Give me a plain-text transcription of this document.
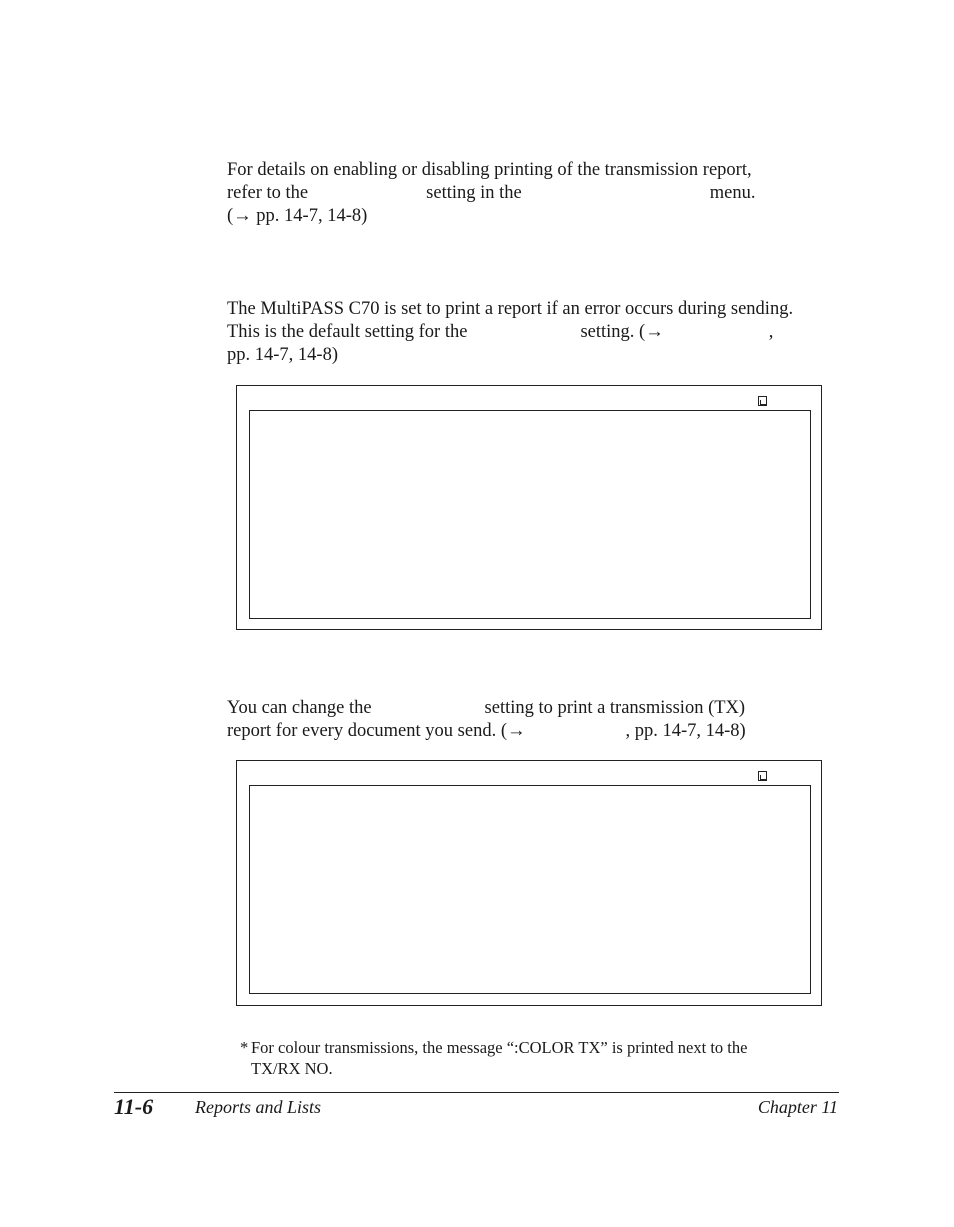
For details on enabling or disabling printing of the transmission report,
refer to the	setting in the	menu.
(→ pp. 14-7, 14-8)
The MultiPASS C70 is set to print a report if an error occurs during sending.
This is the default setting for the	setting. (→	,
pp. 14-7, 14-8)
You can change the	setting to print a transmission (TX)
report for every document you send. (→	, pp. 14-7, 14-8)
* For colour transmissions, the message “:COLOR TX” is printed next to the
TX/RX NO.

11-6 Reports and Lists	Chapter 11
